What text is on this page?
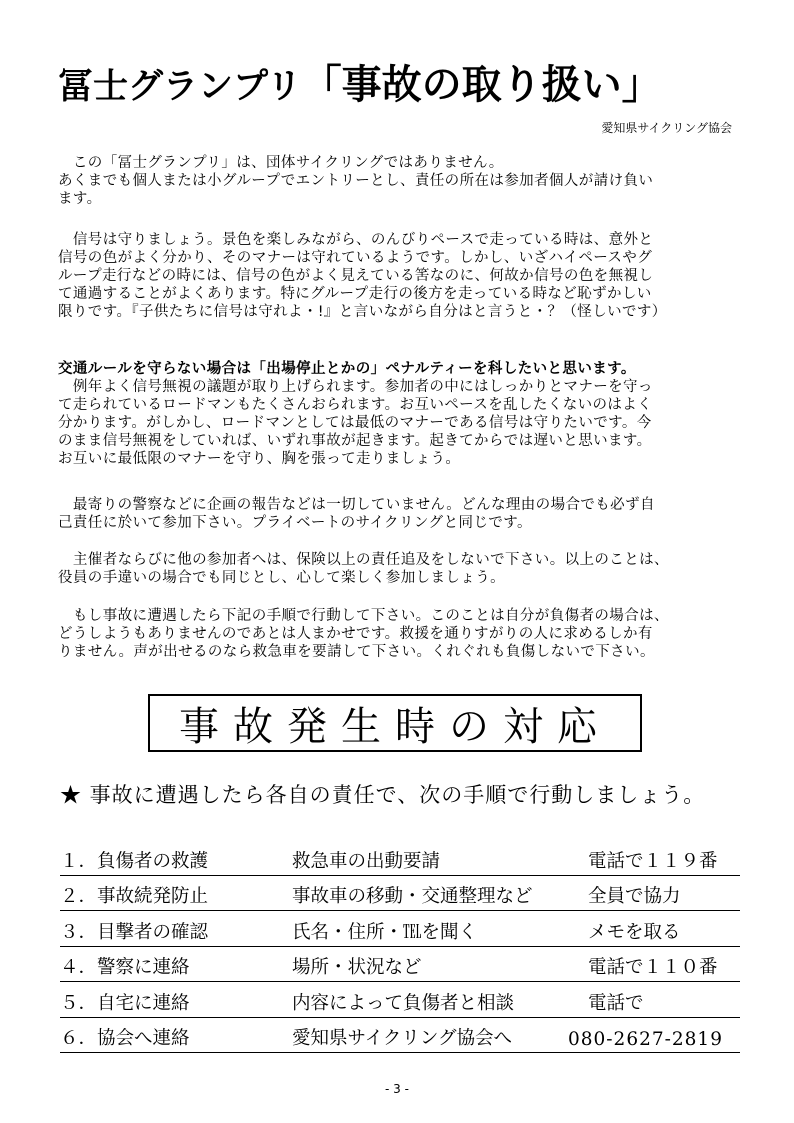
冨士グランプリ「事故の取り扱い」
愛知県サイクリング協会

　この「冨士グランプリ」は、団体サイクリングではありません。

あくまでも個人または小グループでエントリーとし、責任の所在は参加者個人が請け負い

ます。

　信号は守りましょう。景色を楽しみながら、のんびりペースで走っている時は、意外と

信号の色がよく分かり、そのマナーは守れているようです。しかし、いざハイペースやグ

ループ走行などの時には、信号の色がよく見えている筈なのに、何故か信号の色を無視し

て通過することがよくあります。特にグループ走行の後方を走っている時など恥ずかしい

限りです。『子供たちに信号は守れよ・!』と言いながら自分はと言うと・？（怪しいです）

交通ルールを守らない場合は「出場停止とかの」ペナルティーを科したいと思います。

　例年よく信号無視の議題が取り上げられます。参加者の中にはしっかりとマナーを守っ

て走られているロードマンもたくさんおられます。お互いペースを乱したくないのはよく

分かります。がしかし、ロードマンとしては最低のマナーである信号は守りたいです。今

のまま信号無視をしていれば、いずれ事故が起きます。起きてからでは遅いと思います。

お互いに最低限のマナーを守り、胸を張って走りましょう。

　最寄りの警察などに企画の報告などは一切していません。どんな理由の場合でも必ず自

己責任に於いて参加下さい。プライベートのサイクリングと同じです。

　主催者ならびに他の参加者へは、保険以上の責任追及をしないで下さい。以上のことは、

役員の手違いの場合でも同じとし、心して楽しく参加しましょう。

　もし事故に遭遇したら下記の手順で行動して下さい。このことは自分が負傷者の場合は、

どうしようもありませんのであとは人まかせです。救援を通りすがりの人に求めるしか有

りません。声が出せるのなら救急車を要請して下さい。くれぐれも負傷しないで下さい。

事故発生時の対応
★ 事故に遭遇したら各自の責任で、次の手順で行動しましょう。
１．負傷者の救護	救急車の出動要請	電話で１１９番
２．事故続発防止	事故車の移動・交通整理など	全員で協力
３．目撃者の確認	氏名・住所・℡を聞く	メモを取る
４．警察に連絡	場所・状況など	電話で１１０番
５．自宅に連絡	内容によって負傷者と相談	電話で
６．協会へ連絡	愛知県サイクリング協会へ	080-2627-2819
- 3 -
